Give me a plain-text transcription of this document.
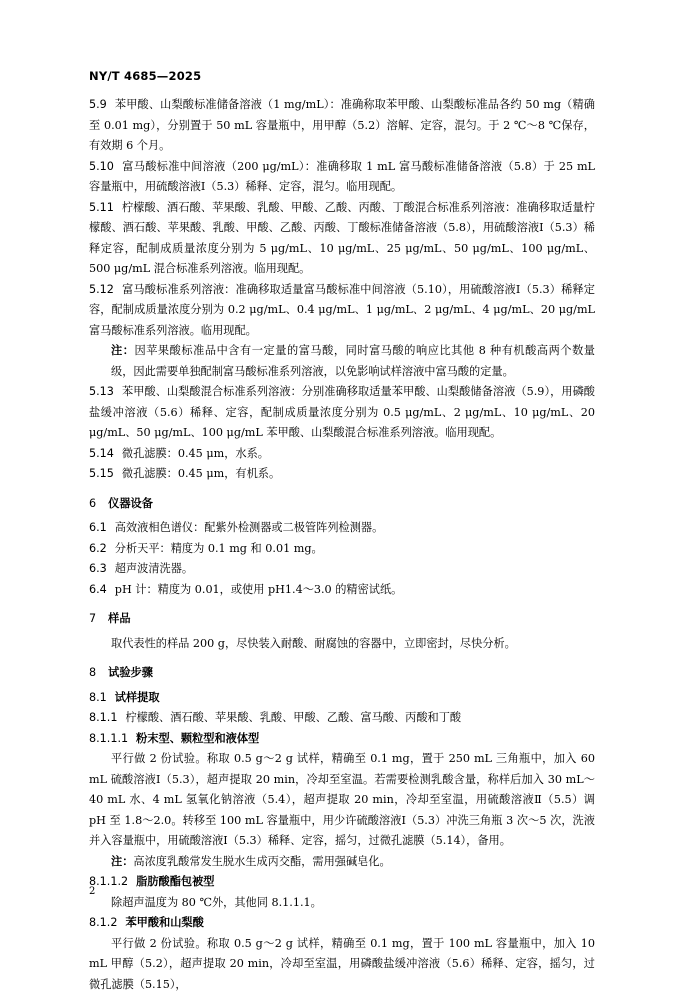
NY/T 4685—2025

5.9 苯甲酸、山梨酸标准储备溶液（1 mg/mL）：准确称取苯甲酸、山梨酸标准品各约 50 mg（精确至 0.01 mg），分别置于 50 mL 容量瓶中，用甲醇（5.2）溶解、定容，混匀。于 2 ℃～8 ℃保存，有效期 6 个月。

5.10 富马酸标准中间溶液（200 μg/mL）：准确移取 1 mL 富马酸标准储备溶液（5.8）于 25 mL 容量瓶中，用硫酸溶液Ⅰ（5.3）稀释、定容，混匀。临用现配。

5.11 柠檬酸、酒石酸、苹果酸、乳酸、甲酸、乙酸、丙酸、丁酸混合标准系列溶液：准确移取适量柠檬酸、酒石酸、苹果酸、乳酸、甲酸、乙酸、丙酸、丁酸标准储备溶液（5.8），用硫酸溶液Ⅰ（5.3）稀释定容，配制成质量浓度分别为 5 μg/mL、10 μg/mL、25 μg/mL、50 μg/mL、100 μg/mL、500 μg/mL 混合标准系列溶液。临用现配。

5.12 富马酸标准系列溶液：准确移取适量富马酸标准中间溶液（5.10），用硫酸溶液Ⅰ（5.3）稀释定容，配制成质量浓度分别为 0.2 μg/mL、0.4 μg/mL、1 μg/mL、2 μg/mL、4 μg/mL、20 μg/mL 富马酸标准系列溶液。临用现配。

注：因苹果酸标准品中含有一定量的富马酸，同时富马酸的响应比其他 8 种有机酸高两个数量级，因此需要单独配制富马酸标准系列溶液，以免影响试样溶液中富马酸的定量。

5.13 苯甲酸、山梨酸混合标准系列溶液：分别准确移取适量苯甲酸、山梨酸储备溶液（5.9），用磷酸盐缓冲溶液（5.6）稀释、定容，配制成质量浓度分别为 0.5 μg/mL、2 μg/mL、10 μg/mL、20 μg/mL、50 μg/mL、100 μg/mL 苯甲酸、山梨酸混合标准系列溶液。临用现配。

5.14 微孔滤膜：0.45 μm，水系。

5.15 微孔滤膜：0.45 μm，有机系。

6 仪器设备

6.1 高效液相色谱仪：配紫外检测器或二极管阵列检测器。

6.2 分析天平：精度为 0.1 mg 和 0.01 mg。

6.3 超声波清洗器。

6.4 pH 计：精度为 0.01，或使用 pH1.4～3.0 的精密试纸。

7 样品

取代表性的样品 200 g，尽快装入耐酸、耐腐蚀的容器中，立即密封，尽快分析。

8 试验步骤

8.1 试样提取

8.1.1 柠檬酸、酒石酸、苹果酸、乳酸、甲酸、乙酸、富马酸、丙酸和丁酸

8.1.1.1 粉末型、颗粒型和液体型

平行做 2 份试验。称取 0.5 g～2 g 试样，精确至 0.1 mg，置于 250 mL 三角瓶中，加入 60 mL 硫酸溶液Ⅰ（5.3），超声提取 20 min，冷却至室温。若需要检测乳酸含量，称样后加入 30 mL～40 mL 水、4 mL 氢氧化钠溶液（5.4），超声提取 20 min，冷却至室温，用硫酸溶液Ⅱ（5.5）调 pH 至 1.8～2.0。转移至 100 mL 容量瓶中，用少许硫酸溶液Ⅰ（5.3）冲洗三角瓶 3 次～5 次，洗液并入容量瓶中，用硫酸溶液Ⅰ（5.3）稀释、定容，摇匀，过微孔滤膜（5.14），备用。

注：高浓度乳酸常发生脱水生成丙交酯，需用强碱皂化。

8.1.1.2 脂肪酸酯包被型

除超声温度为 80 ℃外，其他同 8.1.1.1。

8.1.2 苯甲酸和山梨酸

平行做 2 份试验。称取 0.5 g～2 g 试样，精确至 0.1 mg，置于 100 mL 容量瓶中，加入 10 mL 甲醇（5.2），超声提取 20 min，冷却至室温，用磷酸盐缓冲溶液（5.6）稀释、定容，摇匀，过微孔滤膜（5.15），

2
